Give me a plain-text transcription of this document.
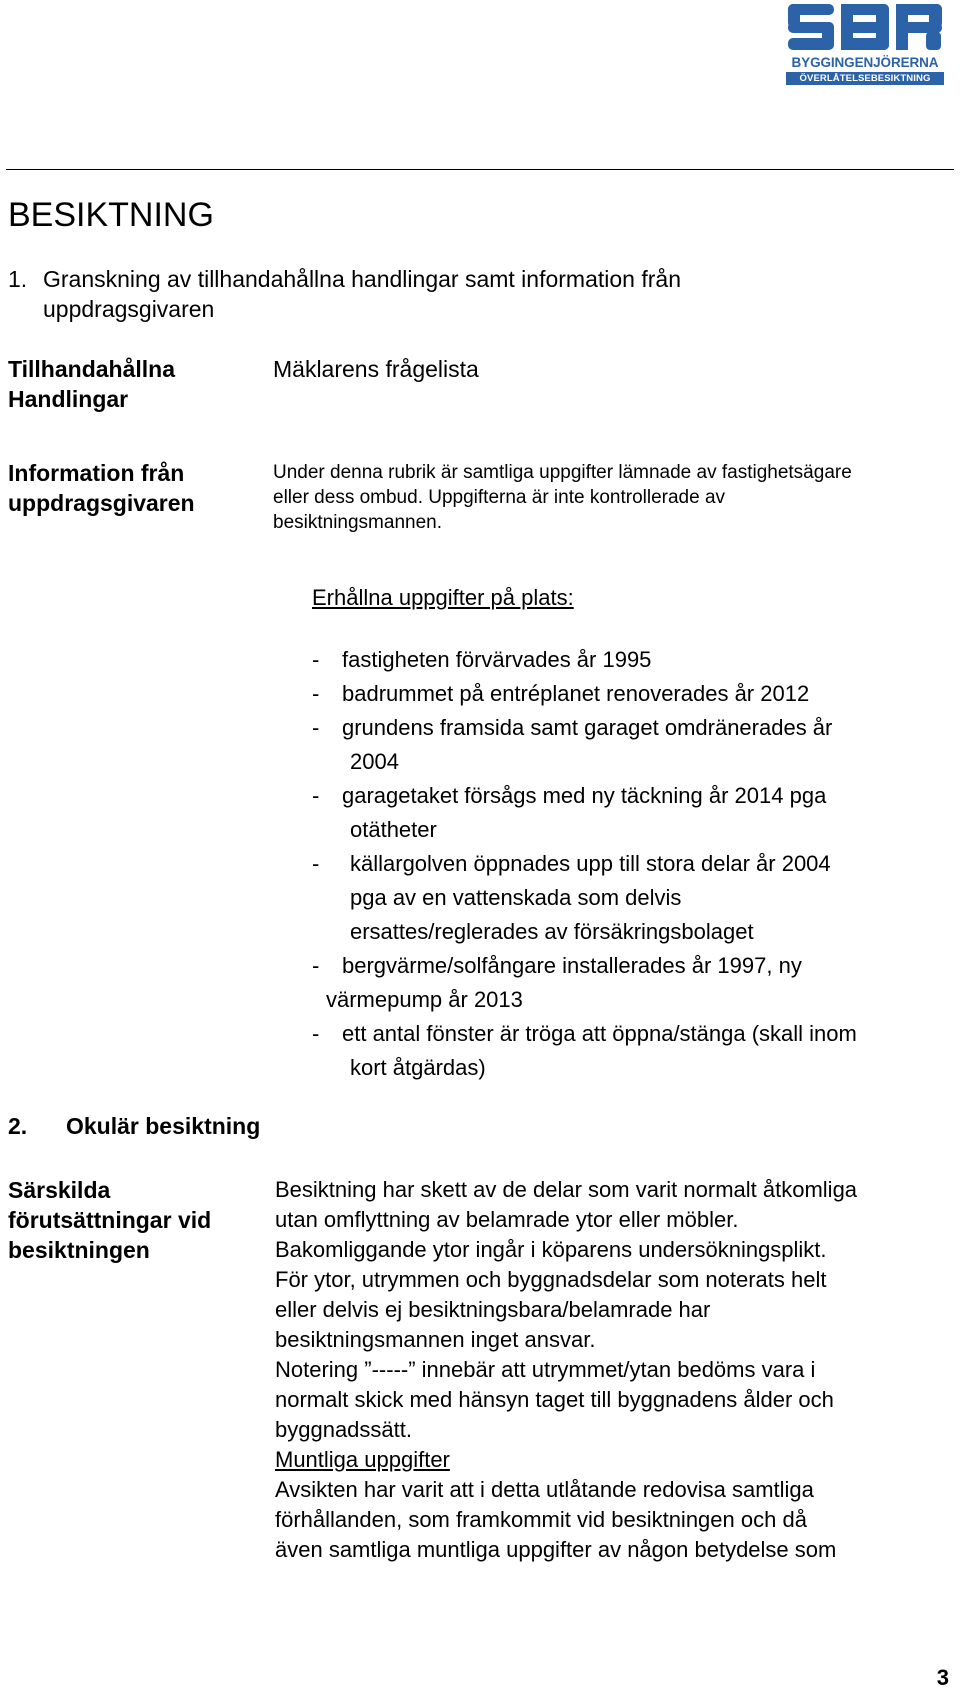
BYGGINGENJÖRERNA
ÖVERLÅTELSEBESIKTNING
BESIKTNING
1. Granskning av tillhandahållna handlingar samt information från
uppdragsgivaren
Tillhandahållna
Handlingar
Mäklarens frågelista
Information från
uppdragsgivaren
Under denna rubrik är samtliga uppgifter lämnade av fastighetsägare
eller dess ombud. Uppgifterna är inte kontrollerade av
besiktningsmannen.
Erhållna uppgifter på plats:
- fastigheten förvärvades år 1995
- badrummet på entréplanet renoverades år 2012
- grundens framsida samt garaget omdränerades år
2004
- garagetaket försågs med ny täckning år 2014 pga
otätheter
- källargolven öppnades upp till stora delar år 2004
pga av en vattenskada som delvis
ersattes/reglerades av försäkringsbolaget
- bergvärme/solfångare installerades år 1997, ny
värmepump år 2013
- ett antal fönster är tröga att öppna/stänga (skall inom
kort åtgärdas)
2. Okulär besiktning
Särskilda
förutsättningar vid
besiktningen

Besiktning har skett av de delar som varit normalt åtkomliga

utan omflyttning av belamrade ytor eller möbler.

Bakomliggande ytor ingår i köparens undersökningsplikt.

För ytor, utrymmen och byggnadsdelar som noterats helt

eller delvis ej besiktningsbara/belamrade har

besiktningsmannen inget ansvar.

Notering ”-----” innebär att utrymmet/ytan bedöms vara i

normalt skick med hänsyn taget till byggnadens ålder och

byggnadssätt.

Muntliga uppgifter

Avsikten har varit att i detta utlåtande redovisa samtliga

förhållanden, som framkommit vid besiktningen och då

även samtliga muntliga uppgifter av någon betydelse som

3
